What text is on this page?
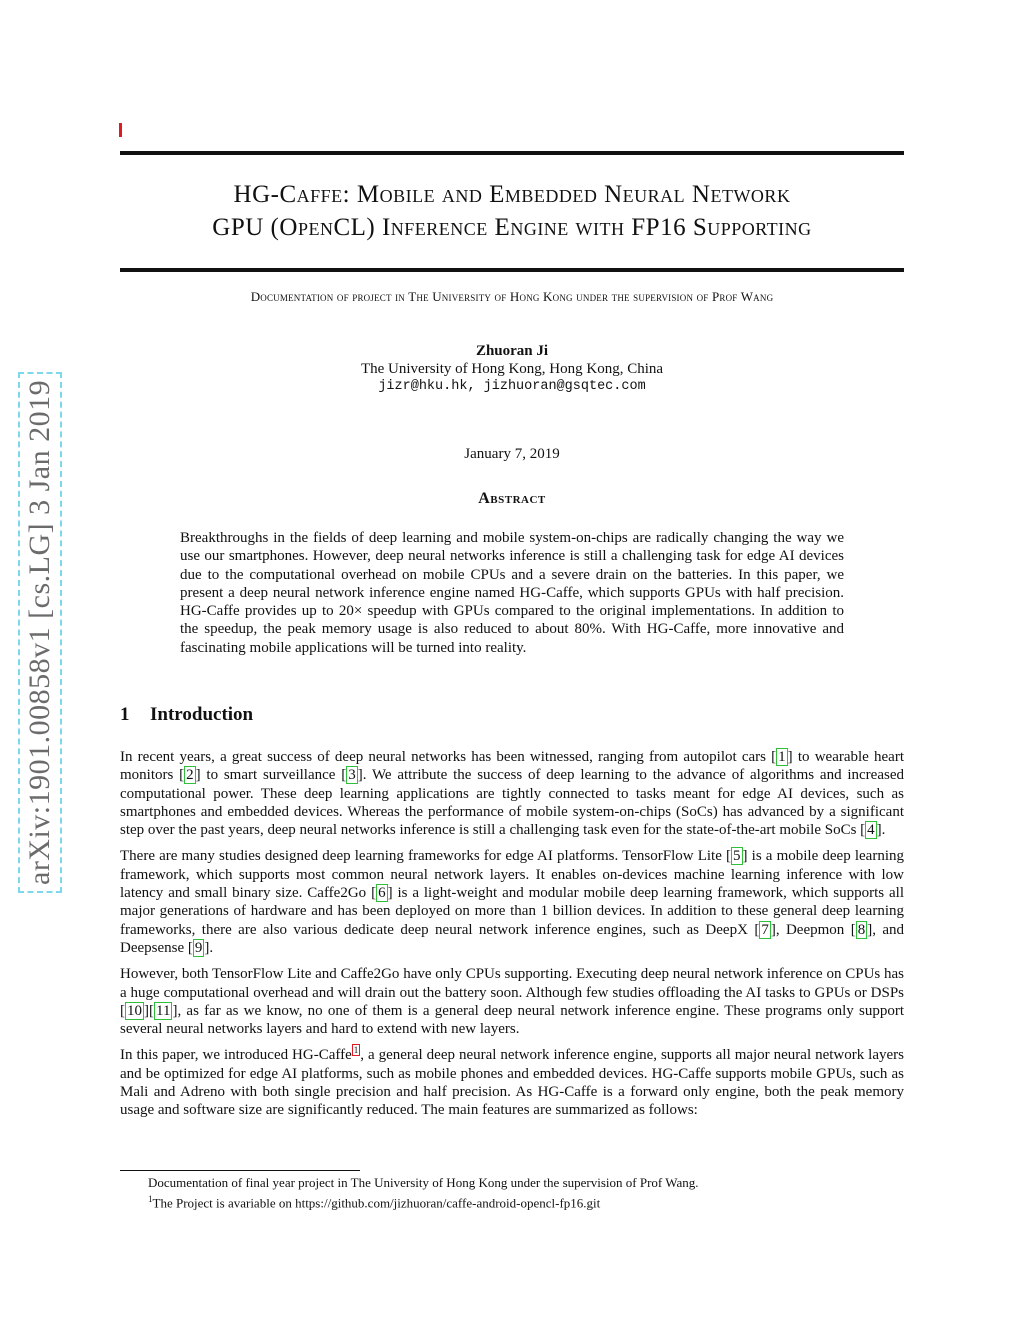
arXiv:1901.00858v1 [cs.LG] 3 Jan 2019
HG-Caffe: Mobile and Embedded Neural Network
GPU (OpenCL) Inference Engine with FP16 Supporting
Documentation of project in The University of Hong Kong under the supervision of Prof Wang
Zhuoran Ji
The University of Hong Kong, Hong Kong, China
jizr@hku.hk, jizhuoran@gsqtec.com
January 7, 2019
Abstract
Breakthroughs in the fields of deep learning and mobile system-on-chips are radically changing the way we use our smartphones. However, deep neural networks inference is still a challenging task for edge AI devices due to the computational overhead on mobile CPUs and a severe drain on the batteries. In this paper, we present a deep neural network inference engine named HG-Caffe, which supports GPUs with half precision. HG-Caffe provides up to 20× speedup with GPUs compared to the original implementations. In addition to the speedup, the peak memory usage is also reduced to about 80%. With HG-Caffe, more innovative and fascinating mobile applications will be turned into reality.
1 Introduction

In recent years, a great success of deep neural networks has been witnessed, ranging from autopilot cars [ 1 ] to wearable heart monitors [ 2 ] to smart surveillance [ 3 ]. We attribute the success of deep learning to the advance of algorithms and increased computational power. These deep learning applications are tightly connected to tasks meant for edge AI devices, such as smartphones and embedded devices. Whereas the performance of mobile system-on-chips (SoCs) has advanced by a significant step over the past years, deep neural networks inference is still a challenging task even for the state-of-the-art mobile SoCs [ 4 ].

There are many studies designed deep learning frameworks for edge AI platforms. TensorFlow Lite [ 5 ] is a mobile deep learning framework, which supports most common neural network layers. It enables on-devices machine learning inference with low latency and small binary size. Caffe2Go [ 6 ] is a light-weight and modular mobile deep learning framework, which supports all major generations of hardware and has been deployed on more than 1 billion devices. In addition to these general deep learning frameworks, there are also various dedicate deep neural network inference engines, such as DeepX [ 7 ], Deepmon [ 8 ], and Deepsense [ 9 ].

However, both TensorFlow Lite and Caffe2Go have only CPUs supporting. Executing deep neural network inference on CPUs has a huge computational overhead and will drain out the battery soon. Although few studies offloading the AI tasks to GPUs or DSPs [ 10 ][ 11 ], as far as we know, no one of them is a general deep neural network inference engine. These programs only support several neural networks layers and hard to extend with new layers.

In this paper, we introduced HG-Caffe $^1$ , a general deep neural network inference engine, supports all major neural network layers and be optimized for edge AI platforms, such as mobile phones and embedded devices. HG-Caffe supports mobile GPUs, such as Mali and Adreno with both single precision and half precision. As HG-Caffe is a forward only engine, both the peak memory usage and software size are significantly reduced. The main features are summarized as follows:

Documentation of final year project in The University of Hong Kong under the supervision of Prof Wang.
$^1$The Project is avariable on https://github.com/jizhuoran/caffe-android-opencl-fp16.git
